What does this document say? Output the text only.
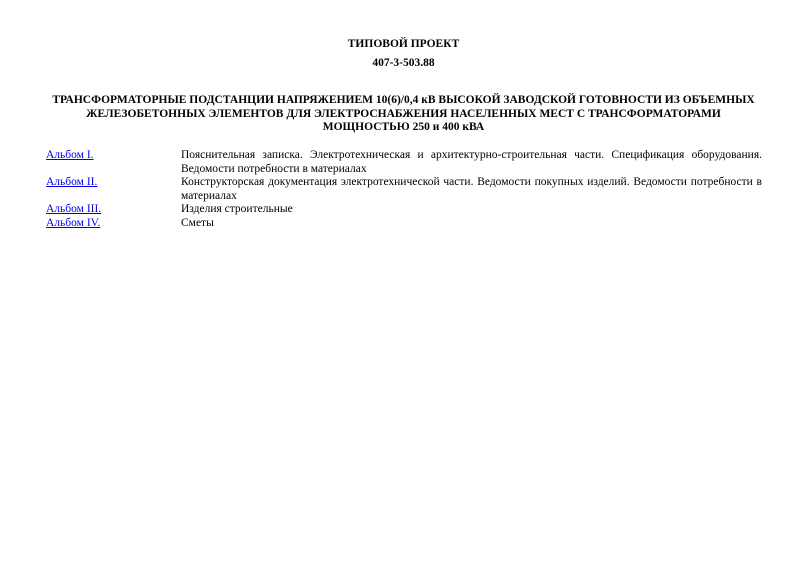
ТИПОВОЙ ПРОЕКТ
407-3-503.88
ТРАНСФОРМАТОРНЫЕ ПОДСТАНЦИИ НАПРЯЖЕНИЕМ 10(6)/0,4 кВ ВЫСОКОЙ ЗАВОДСКОЙ ГОТОВНОСТИ ИЗ ОБЪЕМНЫХ ЖЕЛЕЗОБЕТОННЫХ ЭЛЕМЕНТОВ ДЛЯ ЭЛЕКТРОСНАБЖЕНИЯ НАСЕЛЕННЫХ МЕСТ С ТРАНСФОРМАТОРАМИ МОЩНОСТЬЮ 250 и 400 кВА
Альбом I.	Пояснительная записка. Электротехническая и архитектурно-строительная части. Спецификация оборудования. Ведомости потребности в материалах
Альбом II.	Конструкторская документация электротехнической части. Ведомости покупных изделий. Ведомости потребности в материалах
Альбом III.	Изделия строительные
Альбом IV.	Сметы
